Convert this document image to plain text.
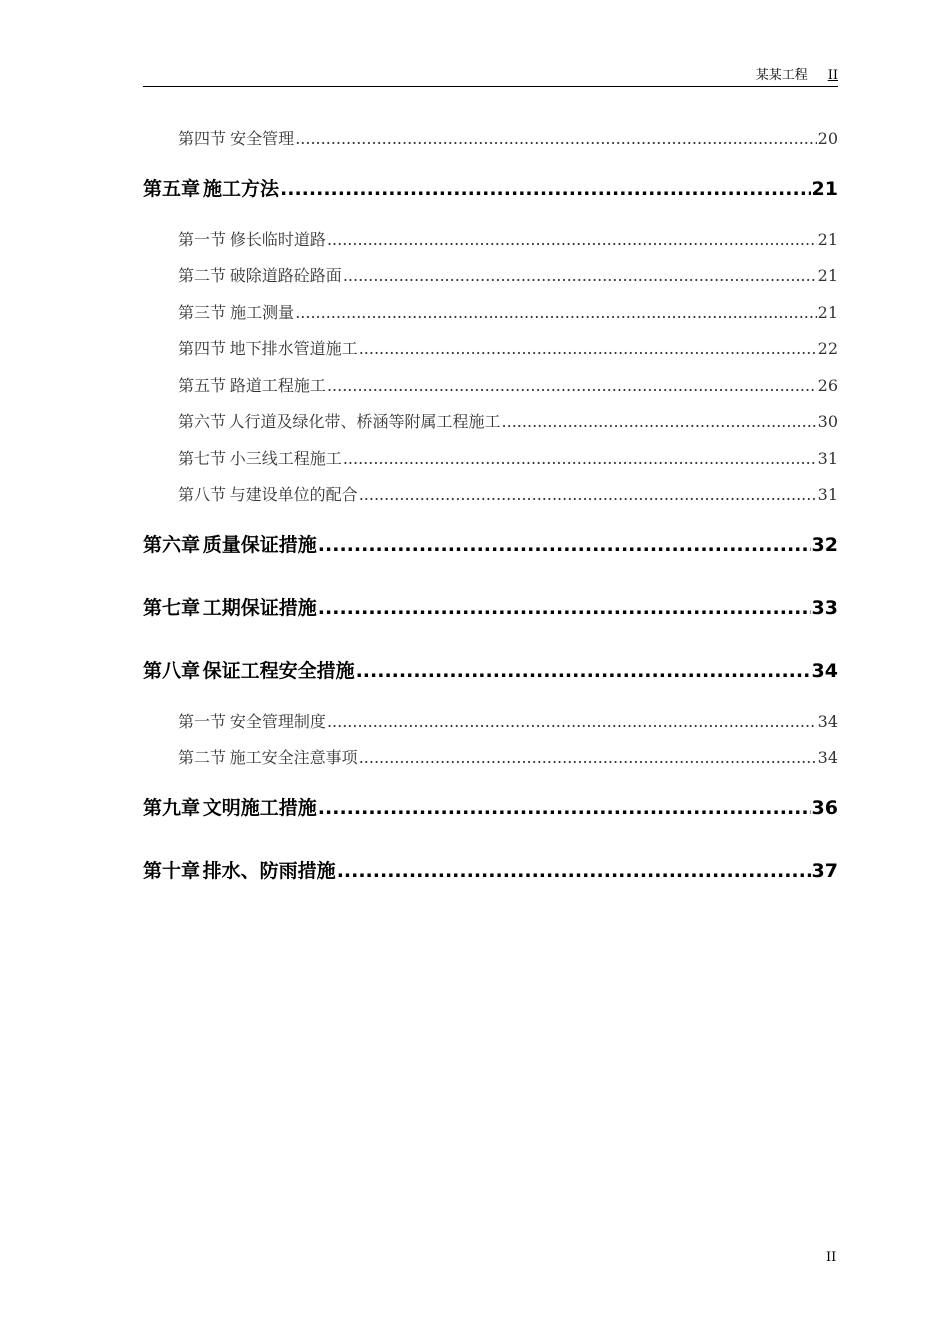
某某工程 II
第四节 安全管理 .....	20
第五章 施工方法 .....	21
第一节 修长临时道路 .....	21
第二节 破除道路砼路面 .....	21
第三节 施工测量 .....	21
第四节 地下排水管道施工 .....	22
第五节 路道工程施工 .....	26
第六节 人行道及绿化带、桥涵等附属工程施工 .....	30
第七节 小三线工程施工 .....	31
第八节 与建设单位的配合 .....	31
第六章 质量保证措施 .....	32
第七章 工期保证措施 .....	33
第八章 保证工程安全措施 .....	34
第一节 安全管理制度 .....	34
第二节 施工安全注意事项 .....	34
第九章 文明施工措施 .....	36
第十章 排水、防雨措施 .....	37
II
